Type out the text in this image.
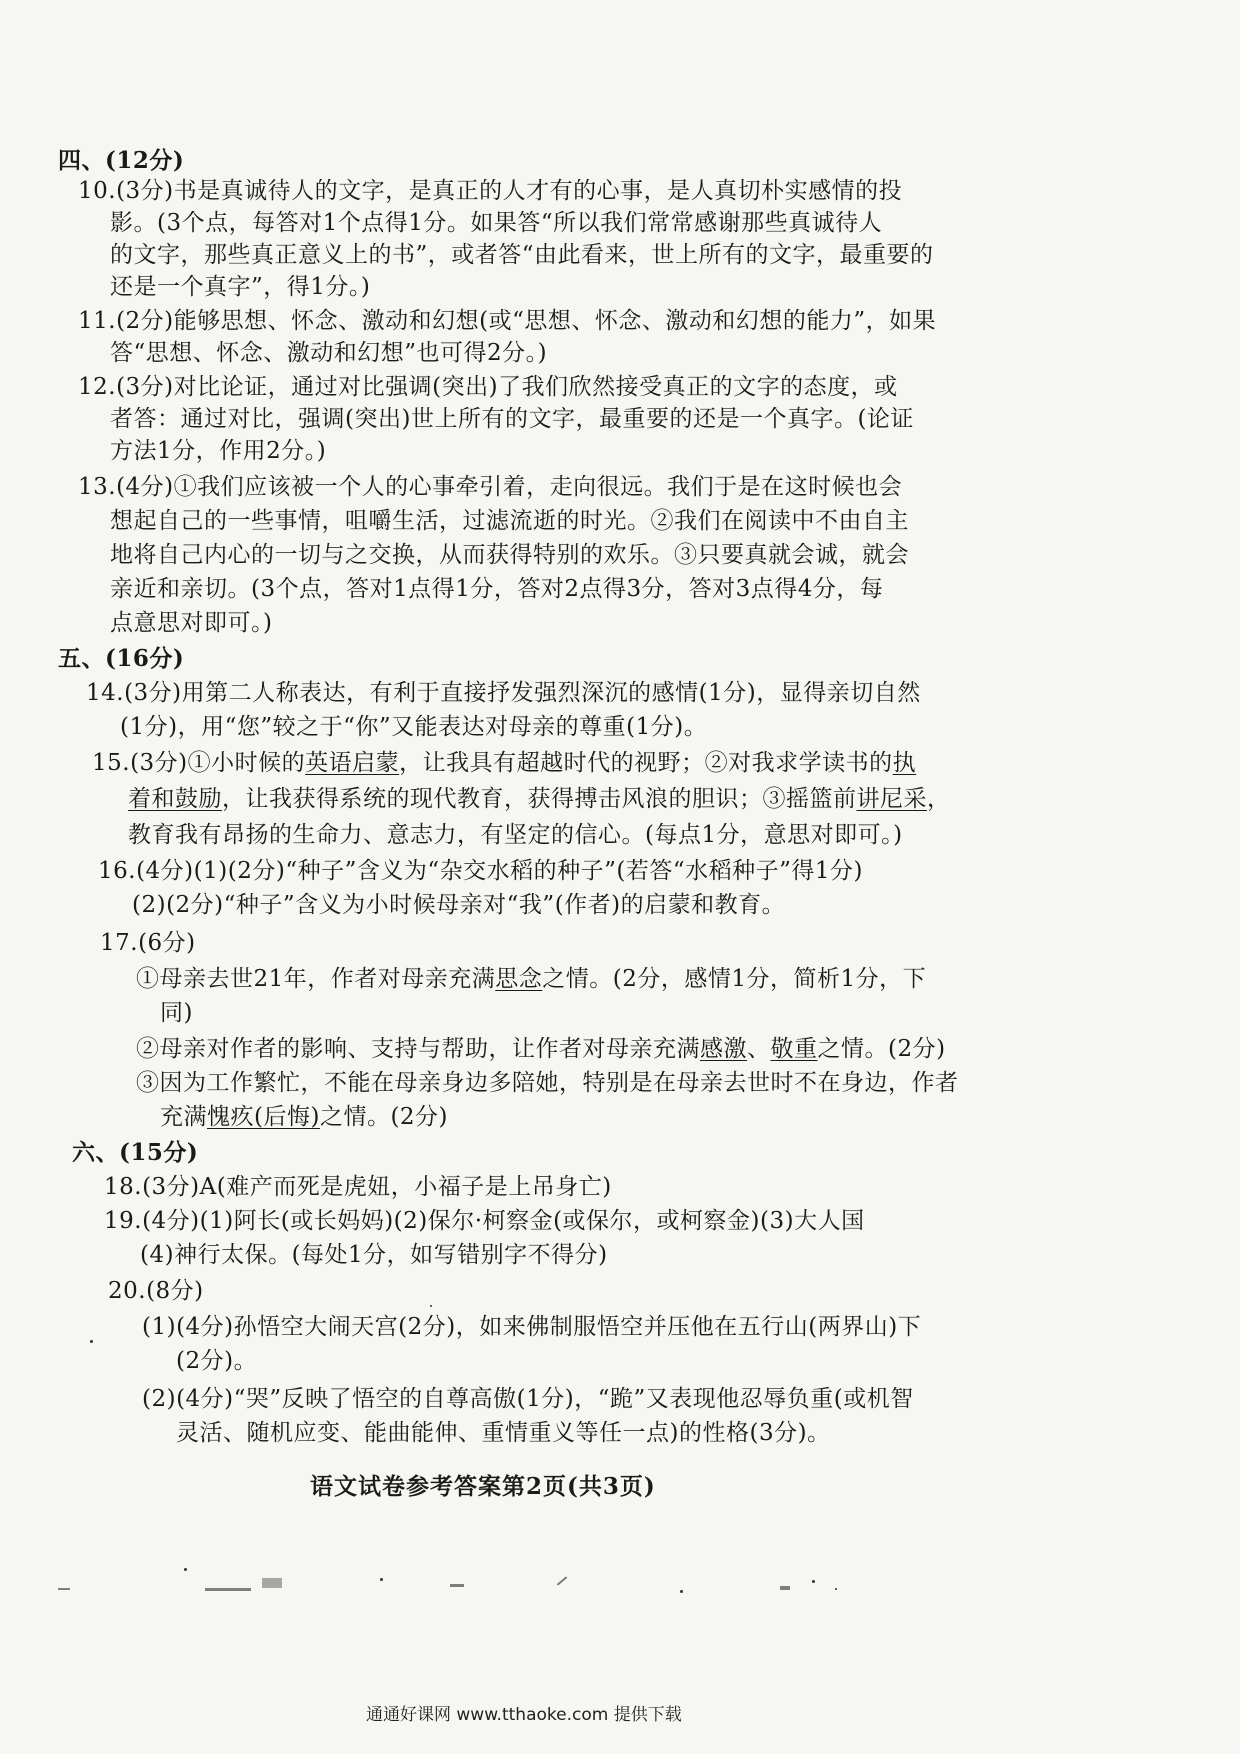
四、(12分)
10.(3分)书是真诚待人的文字，是真正的人才有的心事，是人真切朴实感情的投
影。(3个点，每答对1个点得1分。如果答“所以我们常常感谢那些真诚待人
的文字，那些真正意义上的书”，或者答“由此看来，世上所有的文字，最重要的
还是一个真字”，得1分。)
11.(2分)能够思想、怀念、激动和幻想(或“思想、怀念、激动和幻想的能力”，如果
答“思想、怀念、激动和幻想”也可得2分。)
12.(3分)对比论证，通过对比强调(突出)了我们欣然接受真正的文字的态度，或
者答：通过对比，强调(突出)世上所有的文字，最重要的还是一个真字。(论证
方法1分，作用2分。)
13.(4分)①我们应该被一个人的心事牵引着，走向很远。我们于是在这时候也会
想起自己的一些事情，咀嚼生活，过滤流逝的时光。②我们在阅读中不由自主
地将自己内心的一切与之交换，从而获得特别的欢乐。③只要真就会诚，就会
亲近和亲切。(3个点，答对1点得1分，答对2点得3分，答对3点得4分，每
点意思对即可。)
五、(16分)
14.(3分)用第二人称表达，有利于直接抒发强烈深沉的感情(1分)，显得亲切自然
(1分)，用“您”较之于“你”又能表达对母亲的尊重(1分)。
15.(3分)①小时候的英语启蒙，让我具有超越时代的视野；②对我求学读书的执
着和鼓励，让我获得系统的现代教育，获得搏击风浪的胆识；③摇篮前讲尼采，
教育我有昂扬的生命力、意志力，有坚定的信心。(每点1分，意思对即可。)
16.(4分)(1)(2分)“种子”含义为“杂交水稻的种子”(若答“水稻种子”得1分)
(2)(2分)“种子”含义为小时候母亲对“我”(作者)的启蒙和教育。
17.(6分)
①母亲去世21年，作者对母亲充满思念之情。(2分，感情1分，简析1分，下
同)
②母亲对作者的影响、支持与帮助，让作者对母亲充满感激、敬重之情。(2分)
③因为工作繁忙，不能在母亲身边多陪她，特别是在母亲去世时不在身边，作者
充满愧疚(后悔)之情。(2分)
六、(15分)
18.(3分)A(难产而死是虎妞，小福子是上吊身亡)
19.(4分)(1)阿长(或长妈妈)(2)保尔·柯察金(或保尔，或柯察金)(3)大人国
(4)神行太保。(每处1分，如写错别字不得分)
20.(8分)
(1)(4分)孙悟空大闹天宫(2分)，如来佛制服悟空并压他在五行山(两界山)下
(2分)。
(2)(4分)“哭”反映了悟空的自尊高傲(1分)，“跪”又表现他忍辱负重(或机智
灵活、随机应变、能曲能伸、重情重义等任一点)的性格(3分)。
语文试卷参考答案第2页(共3页)
通通好课网 www.tthaoke.com 提供下载
